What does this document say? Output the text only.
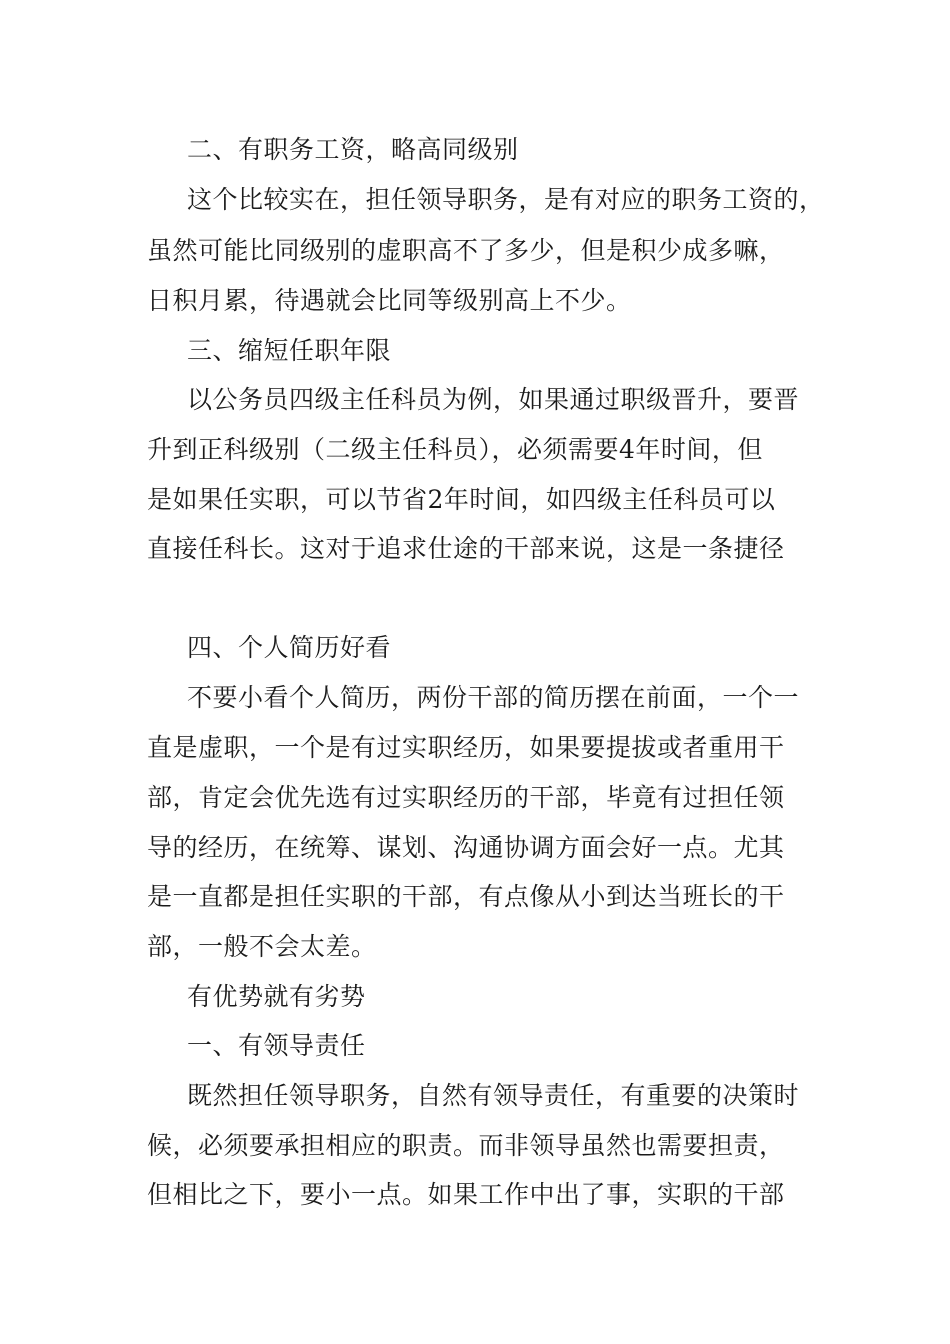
二、有职务工资，略高同级别

这个比较实在，担任领导职务，是有对应的职务工资的，

虽然可能比同级别的虚职高不了多少，但是积少成多嘛，

日积月累，待遇就会比同等级别高上不少。

三、缩短任职年限

以公务员四级主任科员为例，如果通过职级晋升，要晋

升到正科级别（二级主任科员），必须需要4年时间，但

是如果任实职，可以节省2年时间，如四级主任科员可以

直接任科长。这对于追求仕途的干部来说，这是一条捷径

四、个人简历好看

不要小看个人简历，两份干部的简历摆在前面，一个一

直是虚职，一个是有过实职经历，如果要提拔或者重用干

部，肯定会优先选有过实职经历的干部，毕竟有过担任领

导的经历，在统筹、谋划、沟通协调方面会好一点。尤其

是一直都是担任实职的干部，有点像从小到达当班长的干

部，一般不会太差。

有优势就有劣势

一、有领导责任

既然担任领导职务，自然有领导责任，有重要的决策时

候，必须要承担相应的职责。而非领导虽然也需要担责，

但相比之下，要小一点。如果工作中出了事，实职的干部
